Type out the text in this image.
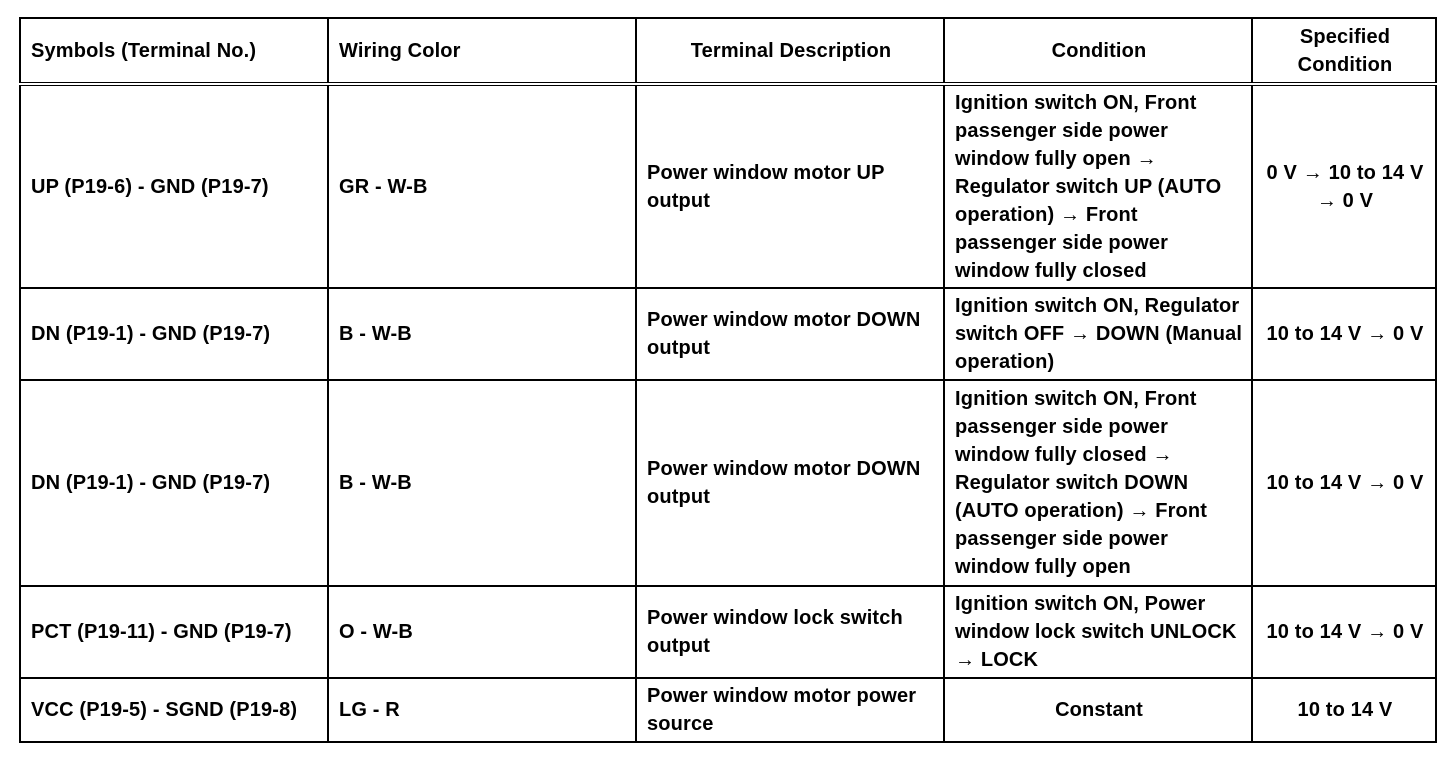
Symbols (Terminal No.)	Wiring Color	Terminal Description	Condition	Specified Condition
UP (P19-6) - GND (P19-7)	GR - W-B	Power window motor UP output	Ignition switch ON, Front passenger side power window fully open → Regulator switch UP (AUTO operation) → Front passenger side power window fully closed	0 V → 10 to 14 V → 0 V
DN (P19-1) - GND (P19-7)	B - W-B	Power window motor DOWN output	Ignition switch ON, Regulator switch OFF → DOWN (Manual operation)	10 to 14 V → 0 V
DN (P19-1) - GND (P19-7)	B - W-B	Power window motor DOWN output	Ignition switch ON, Front passenger side power window fully closed → Regulator switch DOWN (AUTO operation) → Front passenger side power window fully open	10 to 14 V → 0 V
PCT (P19-11) - GND (P19-7)	O - W-B	Power window lock switch output	Ignition switch ON, Power window lock switch UNLOCK → LOCK	10 to 14 V → 0 V
VCC (P19-5) - SGND (P19-8)	LG - R	Power window motor power source	Constant	10 to 14 V
